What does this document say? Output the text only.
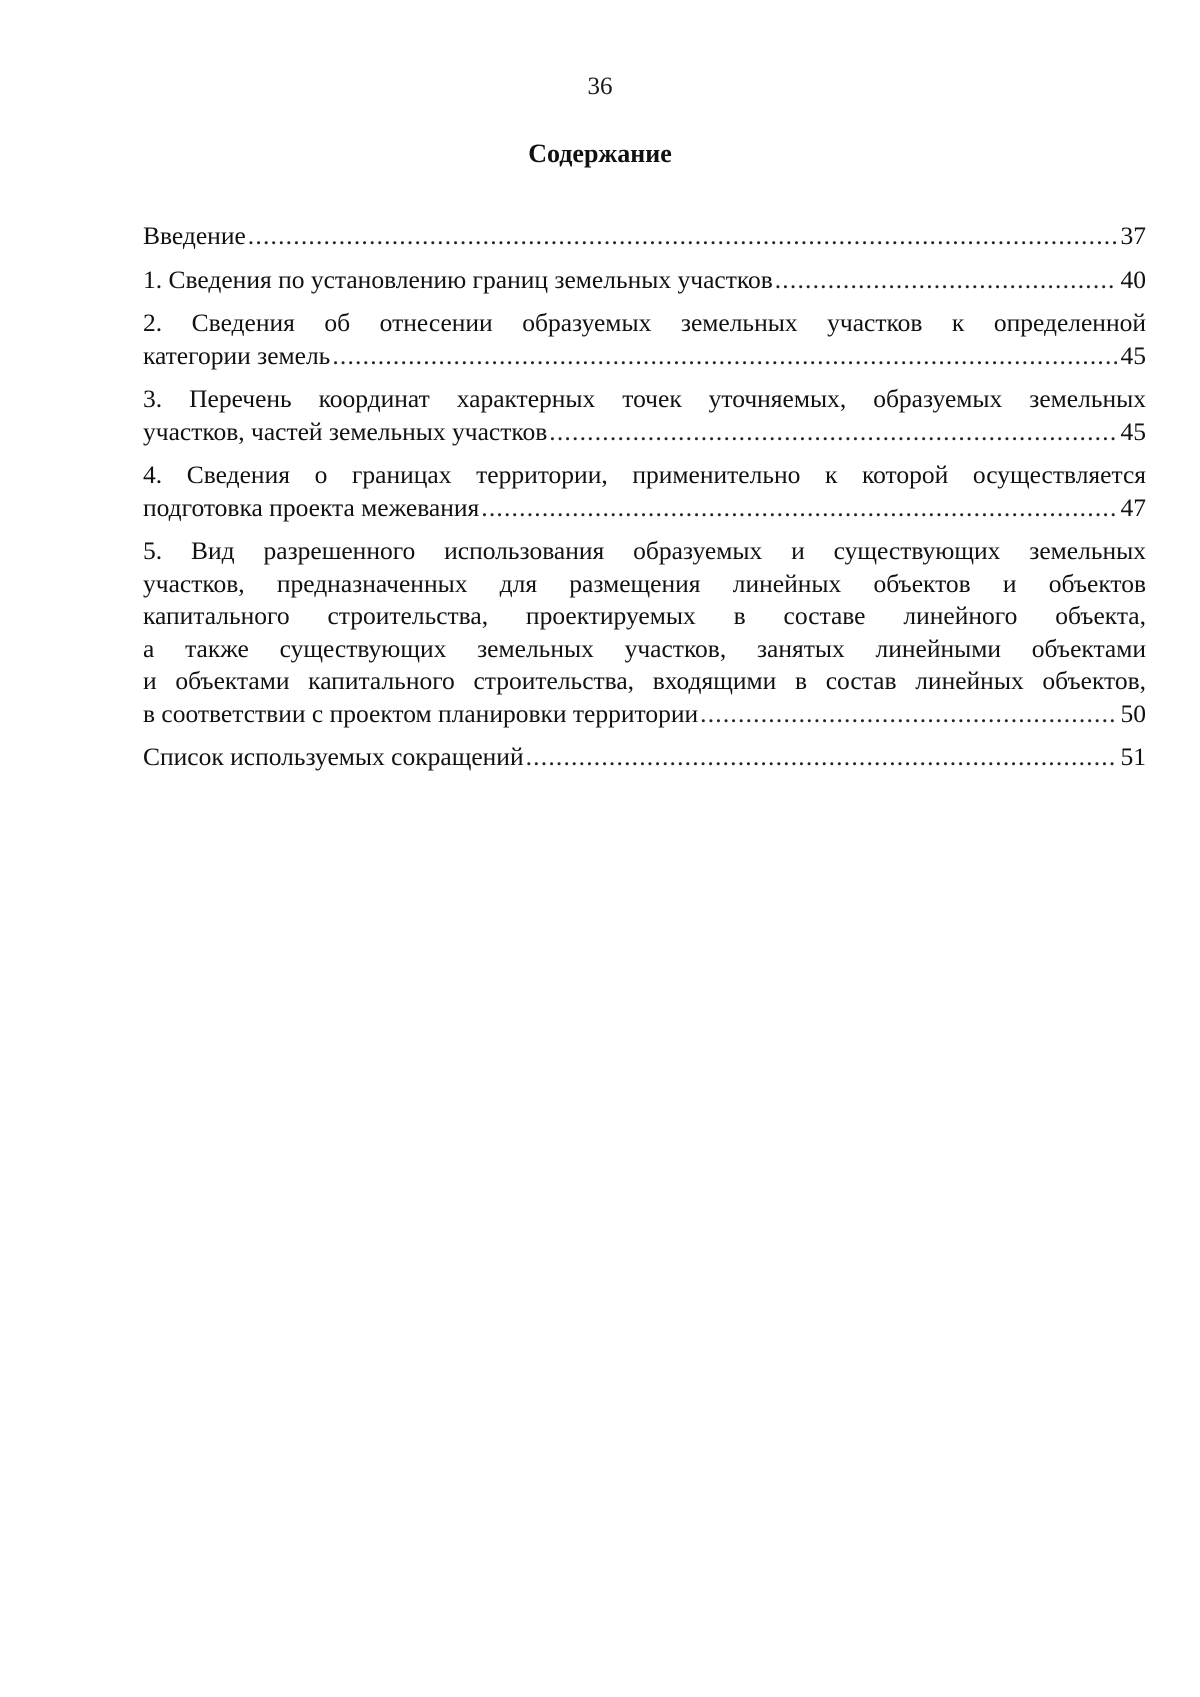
36
Содержание
Введение .....	37
1. Сведения по установлению границ земельных участков .....	40
2. Сведения об отнесении образуемых земельных участков к определенной
категории земель .....	45
3. Перечень координат характерных точек уточняемых, образуемых земельных
участков, частей земельных участков .....	45
4. Сведения о границах территории, применительно к которой осуществляется
подготовка проекта межевания .....	47
5. Вид разрешенного использования образуемых и существующих земельных
участков, предназначенных для размещения линейных объектов и объектов
капитального строительства, проектируемых в составе линейного объекта,
а также существующих земельных участков, занятых линейными объектами
и объектами капитального строительства, входящими в состав линейных объектов,
в соответствии с проектом планировки территории .....	50
Список используемых сокращений .....	51
